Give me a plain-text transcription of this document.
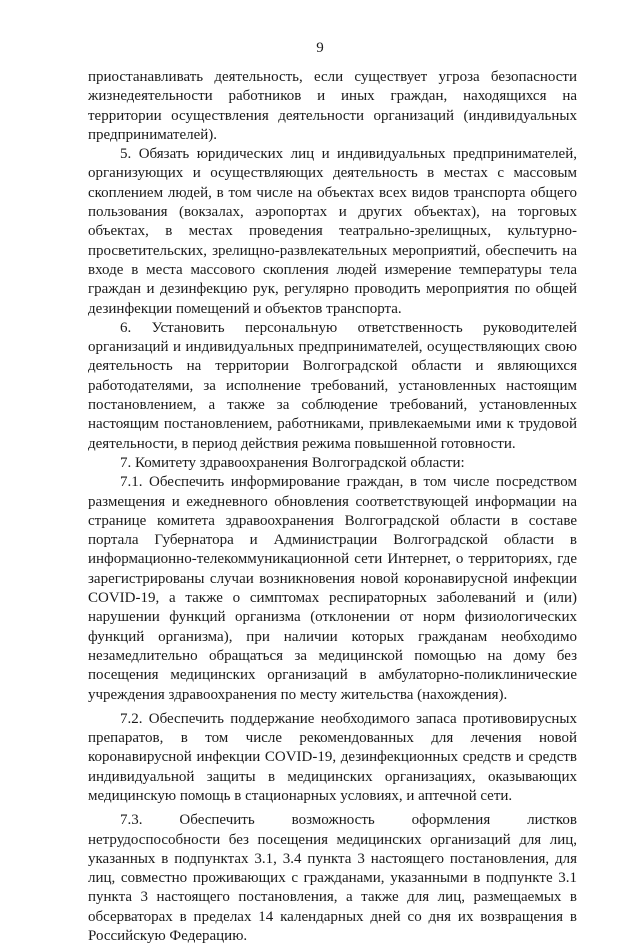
9

приостанавливать деятельность, если существует угроза безопасности жизнедеятельности работников и иных граждан, находящихся на территории осуществления деятельности организаций (индивидуальных предпринимателей).

5. Обязать юридических лиц и индивидуальных предпринимателей, организующих и осуществляющих деятельность в местах с массовым скоплением людей, в том числе на объектах всех видов транспорта общего пользования (вокзалах, аэропортах и других объектах), на торговых объектах, в местах проведения театрально-зрелищных, культурно-просветительских, зрелищно-развлекательных мероприятий, обеспечить на входе в места массового скопления людей измерение температуры тела граждан и дезинфекцию рук, регулярно проводить мероприятия по общей дезинфекции помещений и объектов транспорта.

6. Установить персональную ответственность руководителей организаций и индивидуальных предпринимателей, осуществляющих свою деятельность на территории Волгоградской области и являющихся работодателями, за исполнение требований, установленных настоящим постановлением, а также за соблюдение требований, установленных настоящим постановлением, работниками, привлекаемыми ими к трудовой деятельности, в период действия режима повышенной готовности.

7. Комитету здравоохранения Волгоградской области:

7.1. Обеспечить информирование граждан, в том числе посредством размещения и ежедневного обновления соответствующей информации на странице комитета здравоохранения Волгоградской области в составе портала Губернатора и Администрации Волгоградской области в информационно-телекоммуникационной сети Интернет, о территориях, где зарегистрированы случаи возникновения новой коронавирусной инфекции COVID-19, а также о симптомах респираторных заболеваний и (или) нарушении функций организма (отклонении от норм физиологических функций организма), при наличии которых гражданам необходимо незамедлительно обращаться за медицинской помощью на дому без посещения медицинских организаций в амбулаторно-поликлинические учреждения здравоохранения по месту жительства (нахождения).

7.2. Обеспечить поддержание необходимого запаса противовирусных препаратов, в том числе рекомендованных для лечения новой коронавирусной инфекции COVID-19, дезинфекционных средств и средств индивидуальной защиты в медицинских организациях, оказывающих медицинскую помощь в стационарных условиях, и аптечной сети.

7.3. Обеспечить возможность оформления листков нетрудоспособности без посещения медицинских организаций для лиц, указанных в подпунктах 3.1, 3.4 пункта 3 настоящего постановления, для лиц, совместно проживающих с гражданами, указанными в подпункте 3.1 пункта 3 настоящего постановления, а также для лиц, размещаемых в обсерваторах в пределах 14 календарных дней со дня их возвращения в Российскую Федерацию.
